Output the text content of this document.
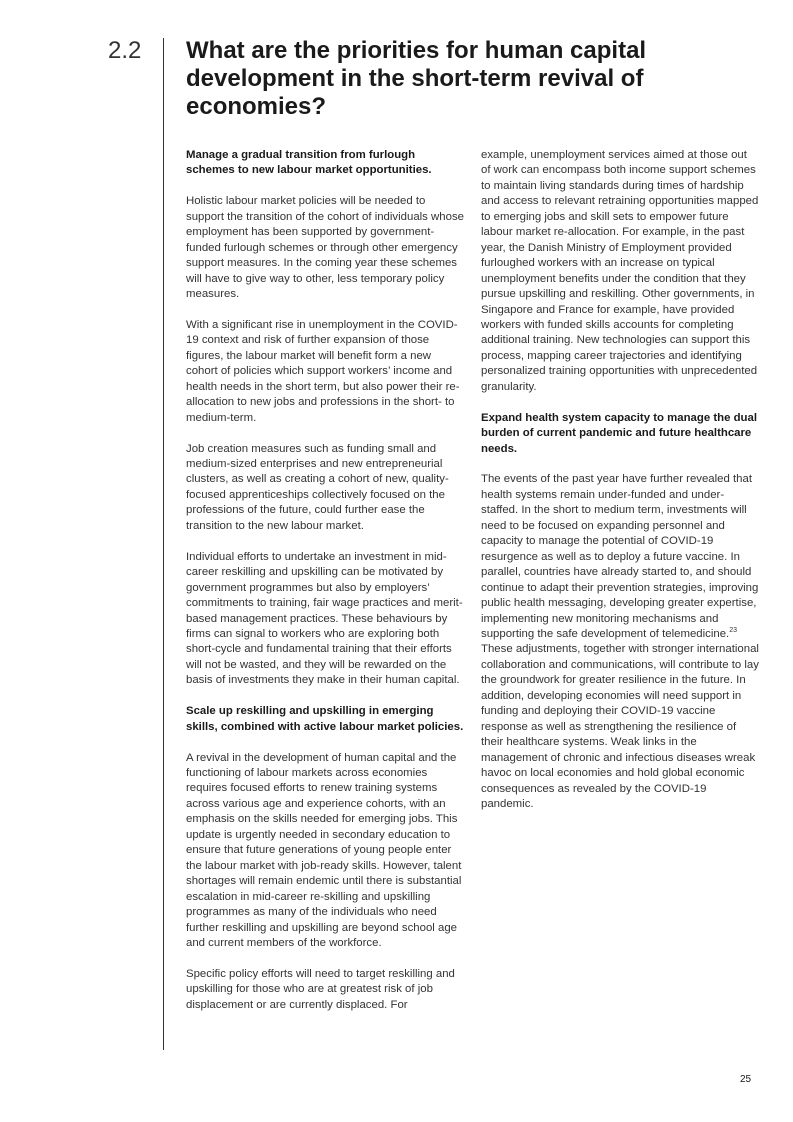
2.2 What are the priorities for human capital development in the short-term revival of economies?
Manage a gradual transition from furlough schemes to new labour market opportunities.

Holistic labour market policies will be needed to support the transition of the cohort of individuals whose employment has been supported by government-funded furlough schemes or through other emergency support measures. In the coming year these schemes will have to give way to other, less temporary policy measures.

With a significant rise in unemployment in the COVID-19 context and risk of further expansion of those figures, the labour market will benefit form a new cohort of policies which support workers’ income and health needs in the short term, but also power their re-allocation to new jobs and professions in the short- to medium-term.

Job creation measures such as funding small and medium-sized enterprises and new entrepreneurial clusters, as well as creating a cohort of new, quality-focused apprenticeships collectively focused on the professions of the future, could further ease the transition to the new labour market.

Individual efforts to undertake an investment in mid-career reskilling and upskilling can be motivated by government programmes but also by employers’ commitments to training, fair wage practices and merit-based management practices. These behaviours by firms can signal to workers who are exploring both short-cycle and fundamental training that their efforts will not be wasted, and they will be rewarded on the basis of investments they make in their human capital.

Scale up reskilling and upskilling in emerging skills, combined with active labour market policies.

A revival in the development of human capital and the functioning of labour markets across economies requires focused efforts to renew training systems across various age and experience cohorts, with an emphasis on the skills needed for emerging jobs. This update is urgently needed in secondary education to ensure that future generations of young people enter the labour market with job-ready skills. However, talent shortages will remain endemic until there is substantial escalation in mid-career re-skilling and upskilling programmes as many of the individuals who need further reskilling and upskilling are beyond school age and current members of the workforce.

Specific policy efforts will need to target reskilling and upskilling for those who are at greatest risk of job displacement or are currently displaced. For

example, unemployment services aimed at those out of work can encompass both income support schemes to maintain living standards during times of hardship and access to relevant retraining opportunities mapped to emerging jobs and skill sets to empower future labour market re-allocation. For example, in the past year, the Danish Ministry of Employment provided furloughed workers with an increase on typical unemployment benefits under the condition that they pursue upskilling and reskilling. Other governments, in Singapore and France for example, have provided workers with funded skills accounts for completing additional training. New technologies can support this process, mapping career trajectories and identifying personalized training opportunities with unprecedented granularity.

Expand health system capacity to manage the dual burden of current pandemic and future healthcare needs.

The events of the past year have further revealed that health systems remain under-funded and under-staffed. In the short to medium term, investments will need to be focused on expanding personnel and capacity to manage the potential of COVID-19 resurgence as well as to deploy a future vaccine. In parallel, countries have already started to, and should continue to adapt their prevention strategies, improving public health messaging, developing greater expertise, implementing new monitoring mechanisms and supporting the safe development of telemedicine.$^{23}$ These adjustments, together with stronger international collaboration and communications, will contribute to lay the groundwork for greater resilience in the future. In addition, developing economies will need support in funding and deploying their COVID-19 vaccine response as well as strengthening the resilience of their healthcare systems. Weak links in the management of chronic and infectious diseases wreak havoc on local economies and hold global economic consequences as revealed by the COVID-19 pandemic.

25
